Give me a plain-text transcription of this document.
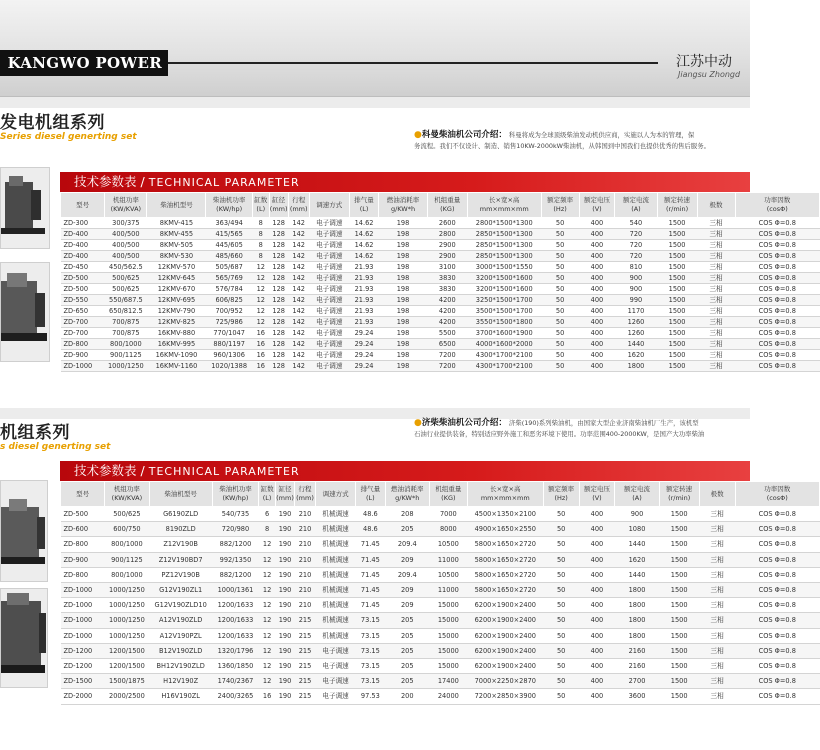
KANGWO POWER	江苏中动
Jiangsu Zhongd
发电机组系列
Series diesel generting set	●科曼柴油机公司介绍： 科曼将成为全球顶级柴油发动机供应商，实施以人为本的管理，保
务流程。我们不仅设计、制造、销售10KW-2000kW柴油机，从韩国到中国我们也提供优秀的售后服务。
技术参数表 / TECHNICAL PARAMETER
型号	机组功率
(KW/KVA)	柴油机型号	柴油机功率
(KW/hp)	缸数
(L)	缸径
(mm)	行程
(mm)	调速方式	排气量
(L)	燃油消耗率
g/KW*h	机组重量
(KG)	长×宽×高
mm×mm×mm	额定频率
(Hz)	额定电压
(V)	额定电流
(A)	额定转速
(r/min)	极数	功率因数
(cosΦ)
ZD-300	300/375	8KMV-415	363/494	8	128	142	电子调速	14.62	198	2600	2800*1500*1300	50	400	540	1500	三相	COS Φ=0.8
ZD-400	400/500	8KMV-455	415/565	8	128	142	电子调速	14.62	198	2800	2850*1500*1300	50	400	720	1500	三相	COS Φ=0.8
ZD-400	400/500	8KMV-505	445/605	8	128	142	电子调速	14.62	198	2900	2850*1500*1300	50	400	720	1500	三相	COS Φ=0.8
ZD-400	400/500	8KMV-530	485/660	8	128	142	电子调速	14.62	198	2900	2850*1500*1300	50	400	720	1500	三相	COS Φ=0.8
ZD-450	450/562.5	12KMV-570	505/687	12	128	142	电子调速	21.93	198	3100	3000*1500*1550	50	400	810	1500	三相	COS Φ=0.8
ZD-500	500/625	12KMV-645	565/769	12	128	142	电子调速	21.93	198	3830	3200*1500*1600	50	400	900	1500	三相	COS Φ=0.8
ZD-500	500/625	12KMV-670	576/784	12	128	142	电子调速	21.93	198	3830	3200*1500*1600	50	400	900	1500	三相	COS Φ=0.8
ZD-550	550/687.5	12KMV-695	606/825	12	128	142	电子调速	21.93	198	4200	3250*1500*1700	50	400	990	1500	三相	COS Φ=0.8
ZD-650	650/812.5	12KMV-790	700/952	12	128	142	电子调速	21.93	198	4200	3500*1500*1700	50	400	1170	1500	三相	COS Φ=0.8
ZD-700	700/875	12KMV-825	725/986	12	128	142	电子调速	21.93	198	4200	3550*1500*1800	50	400	1260	1500	三相	COS Φ=0.8
ZD-700	700/875	16KMV-880	770/1047	16	128	142	电子调速	29.24	198	5500	3700*1600*1900	50	400	1260	1500	三相	COS Φ=0.8
ZD-800	800/1000	16KMV-995	880/1197	16	128	142	电子调速	29.24	198	6500	4000*1600*2000	50	400	1440	1500	三相	COS Φ=0.8
ZD-900	900/1125	16KMV-1090	960/1306	16	128	142	电子调速	29.24	198	7200	4300*1700*2100	50	400	1620	1500	三相	COS Φ=0.8
ZD-1000	1000/1250	16KMV-1160	1020/1388	16	128	142	电子调速	29.24	198	7200	4300*1700*2100	50	400	1800	1500	三相	COS Φ=0.8
机组系列
s diesel generting set
●济柴柴油机公司介绍： 济柴(190)系列柴油机，由国家大型企业济南柴油机厂生产，该机型
石油行业提供装备，特别适应野外施工和恶劣环境下使用。功率范围400-2000KW，是国产大功率柴油
技术参数表 / TECHNICAL PARAMETER
型号	机组功率
(KW/KVA)	柴油机型号	柴油机功率
(KW/hp)	缸数
(L)	缸径
(mm)	行程
(mm)	调速方式	排气量
(L)	燃油消耗率
g/KW*h	机组重量
(KG)	长×宽×高
mm×mm×mm	额定频率
(Hz)	额定电压
(V)	额定电流
(A)	额定转速
(r/min)	极数	功率因数
(cosΦ)
ZD-500	500/625	G6190ZLD	540/735	6	190	210	机械调速	48.6	208	7000	4500×1350×2100	50	400	900	1500	三相	COS Φ=0.8
ZD-600	600/750	8190ZLD	720/980	8	190	210	机械调速	48.6	205	8000	4900×1650×2550	50	400	1080	1500	三相	COS Φ=0.8
ZD-800	800/1000	Z12V190B	882/1200	12	190	210	机械调速	71.45	209.4	10500	5800×1650×2720	50	400	1440	1500	三相	COS Φ=0.8
ZD-900	900/1125	Z12V190BD7	992/1350	12	190	210	机械调速	71.45	209	11000	5800×1650×2720	50	400	1620	1500	三相	COS Φ=0.8
ZD-800	800/1000	PZ12V190B	882/1200	12	190	210	机械调速	71.45	209.4	10500	5800×1650×2720	50	400	1440	1500	三相	COS Φ=0.8
ZD-1000	1000/1250	G12V190ZL1	1000/1361	12	190	210	机械调速	71.45	209	11000	5800×1650×2720	50	400	1800	1500	三相	COS Φ=0.8
ZD-1000	1000/1250	G12V190ZLD10	1200/1633	12	190	210	机械调速	71.45	209	15000	6200×1900×2400	50	400	1800	1500	三相	COS Φ=0.8
ZD-1000	1000/1250	A12V190ZLD	1200/1633	12	190	215	机械调速	73.15	205	15000	6200×1900×2400	50	400	1800	1500	三相	COS Φ=0.8
ZD-1000	1000/1250	A12V190PZL	1200/1633	12	190	215	机械调速	73.15	205	15000	6200×1900×2400	50	400	1800	1500	三相	COS Φ=0.8
ZD-1200	1200/1500	B12V190ZLD	1320/1796	12	190	215	电子调速	73.15	205	15000	6200×1900×2400	50	400	2160	1500	三相	COS Φ=0.8
ZD-1200	1200/1500	BH12V190ZLD	1360/1850	12	190	215	电子调速	73.15	205	15000	6200×1900×2400	50	400	2160	1500	三相	COS Φ=0.8
ZD-1500	1500/1875	H12V190Z	1740/2367	12	190	215	电子调速	73.15	205	17400	7000×2250×2870	50	400	2700	1500	三相	COS Φ=0.8
ZD-2000	2000/2500	H16V190ZL	2400/3265	16	190	215	电子调速	97.53	200	24000	7200×2850×3900	50	400	3600	1500	三相	COS Φ=0.8
